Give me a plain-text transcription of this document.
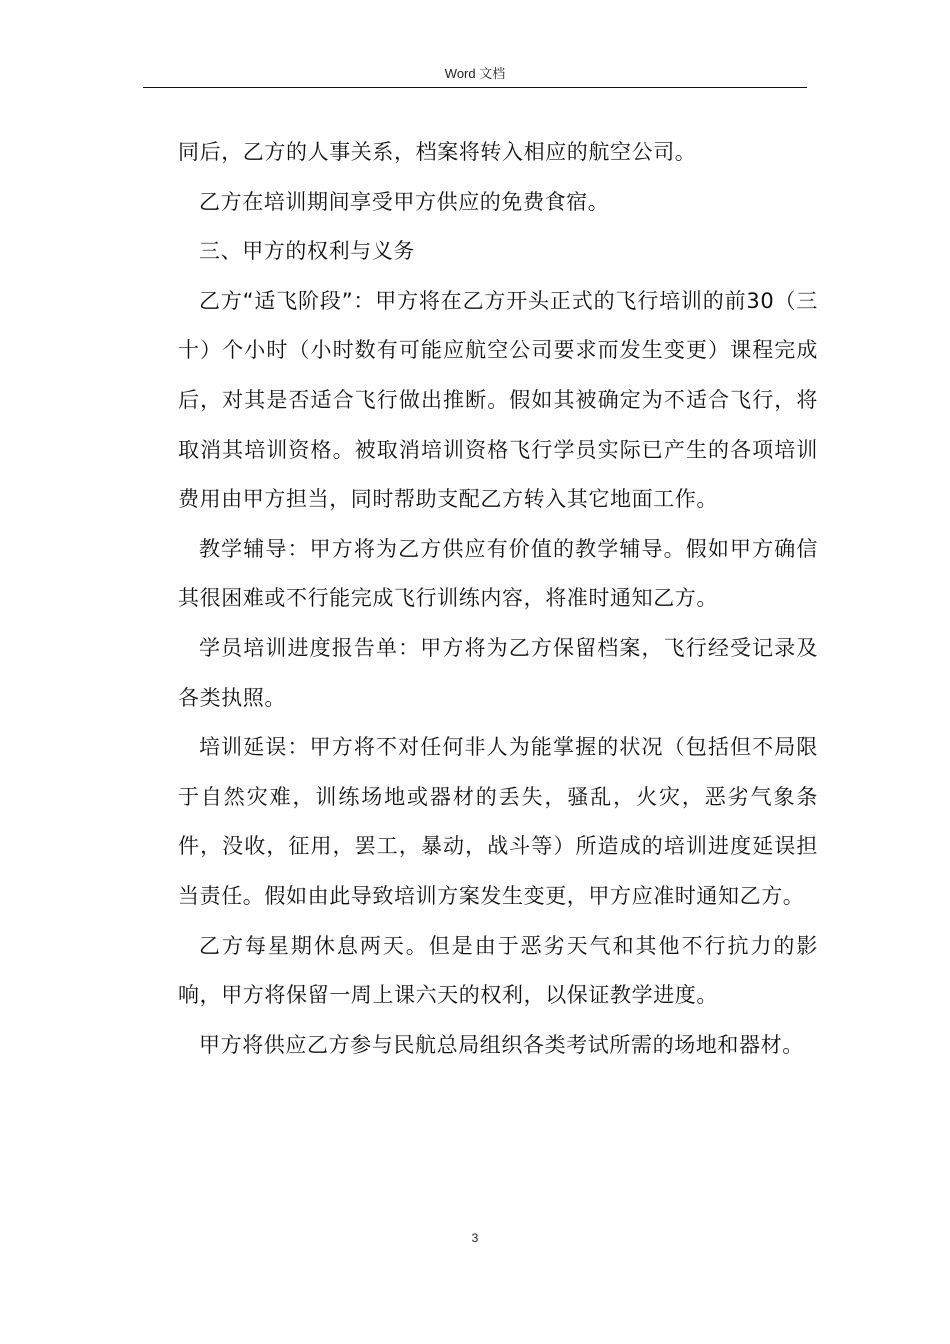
Word 文档

同后，乙方的人事关系，档案将转入相应的航空公司。

乙方在培训期间享受甲方供应的免费食宿。

三、甲方的权利与义务

乙方“适飞阶段”：甲方将在乙方开头正式的飞行培训的前30（三十）个小时（小时数有可能应航空公司要求而发生变更）课程完成后，对其是否适合飞行做出推断。假如其被确定为不适合飞行，将取消其培训资格。被取消培训资格飞行学员实际已产生的各项培训费用由甲方担当，同时帮助支配乙方转入其它地面工作。

教学辅导：甲方将为乙方供应有价值的教学辅导。假如甲方确信其很困难或不行能完成飞行训练内容，将准时通知乙方。

学员培训进度报告单：甲方将为乙方保留档案，飞行经受记录及各类执照。

培训延误：甲方将不对任何非人为能掌握的状况（包括但不局限于自然灾难，训练场地或器材的丢失，骚乱，火灾，恶劣气象条件，没收，征用，罢工，暴动，战斗等）所造成的培训进度延误担当责任。假如由此导致培训方案发生变更，甲方应准时通知乙方。

乙方每星期休息两天。但是由于恶劣天气和其他不行抗力的影响，甲方将保留一周上课六天的权利，以保证教学进度。

甲方将供应乙方参与民航总局组织各类考试所需的场地和器材。

3
